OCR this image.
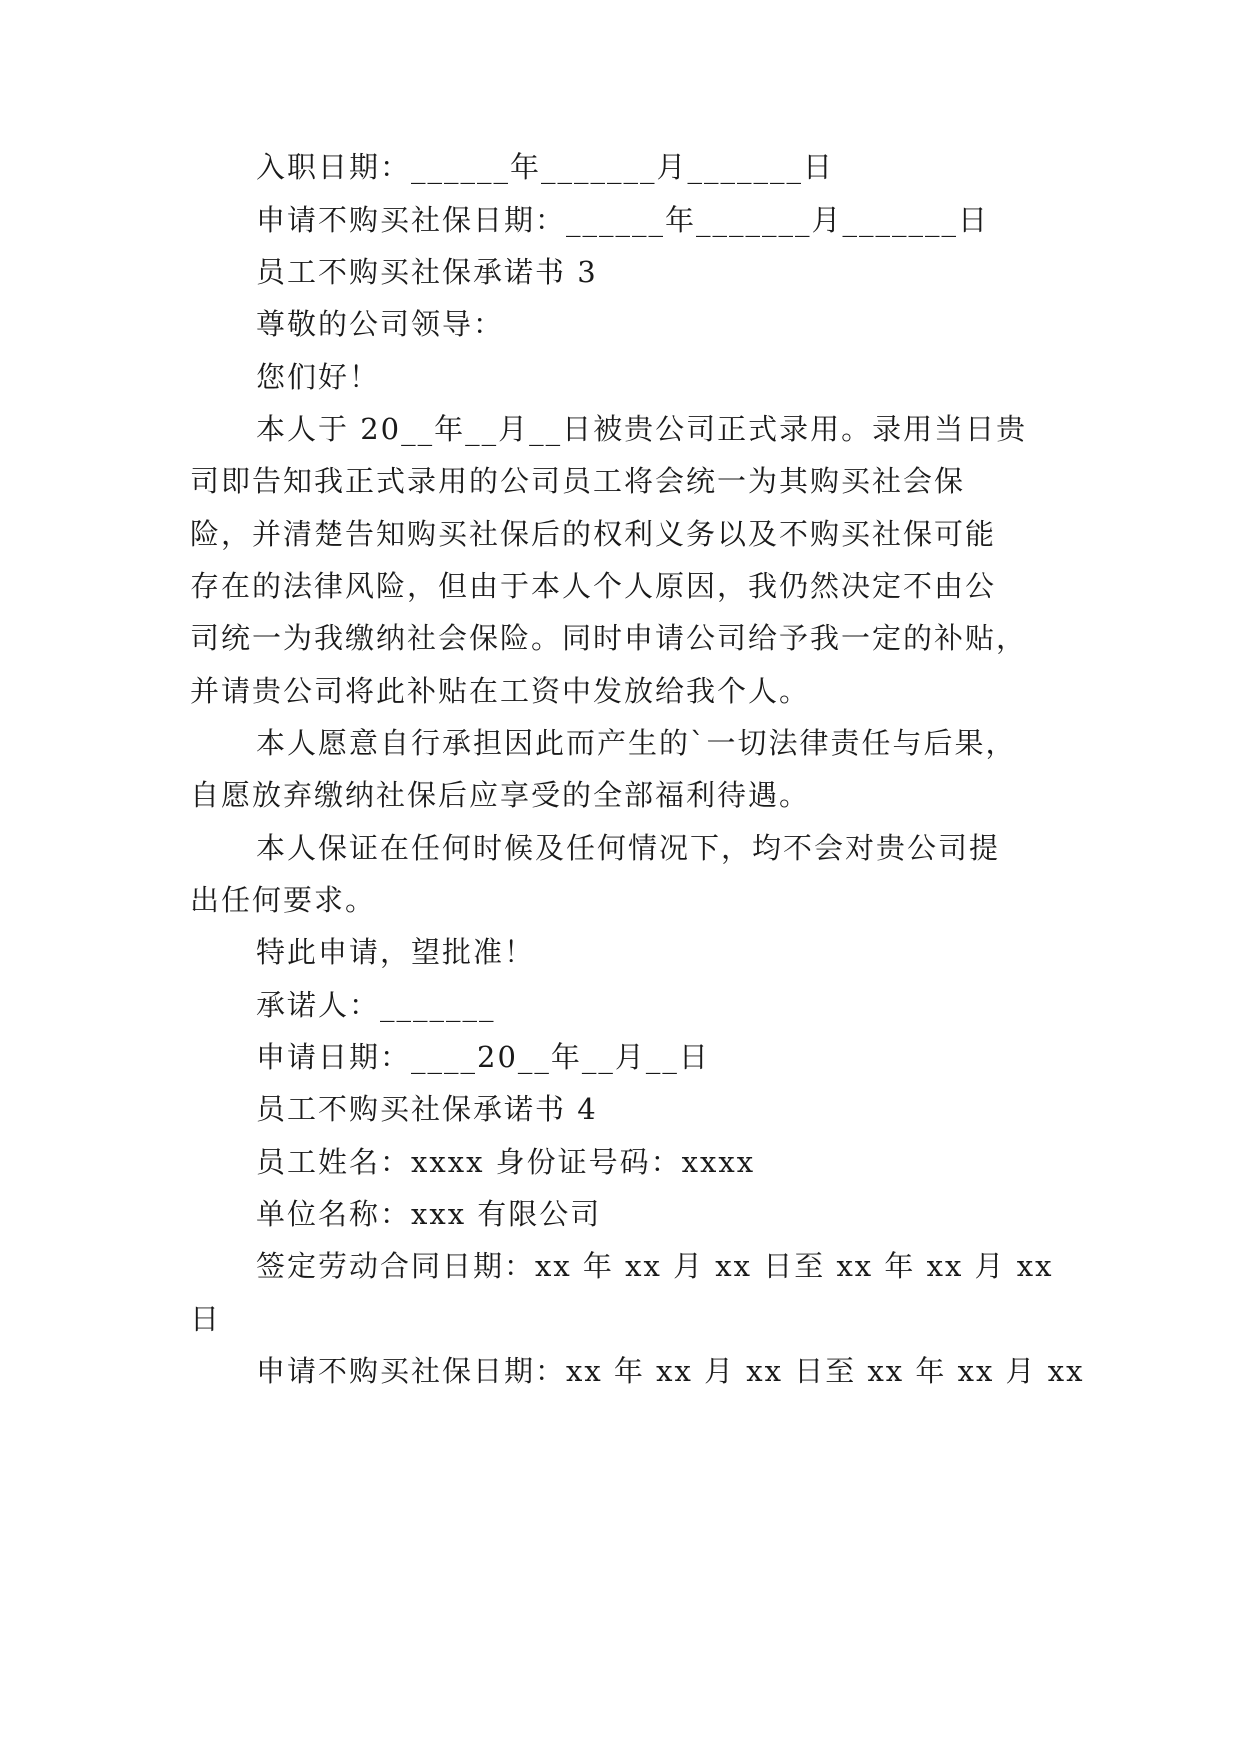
入职日期：______年_______月_______日
申请不购买社保日期：______年_______月_______日
员工不购买社保承诺书 3
尊敬的公司领导：
您们好！
本人于 20__年__月__日被贵公司正式录用。录用当日贵
司即告知我正式录用的公司员工将会统一为其购买社会保
险，并清楚告知购买社保后的权利义务以及不购买社保可能
存在的法律风险，但由于本人个人原因，我仍然决定不由公
司统一为我缴纳社会保险。同时申请公司给予我一定的补贴，
并请贵公司将此补贴在工资中发放给我个人。
本人愿意自行承担因此而产生的`一切法律责任与后果，
自愿放弃缴纳社保后应享受的全部福利待遇。
本人保证在任何时候及任何情况下，均不会对贵公司提
出任何要求。
特此申请，望批准！
承诺人：_______
申请日期：____20__年__月__日
员工不购买社保承诺书 4
员工姓名：xxxx 身份证号码：xxxx
单位名称：xxx 有限公司
签定劳动合同日期：xx 年 xx 月 xx 日至 xx 年 xx 月 xx
日
申请不购买社保日期：xx 年 xx 月 xx 日至 xx 年 xx 月 xx
